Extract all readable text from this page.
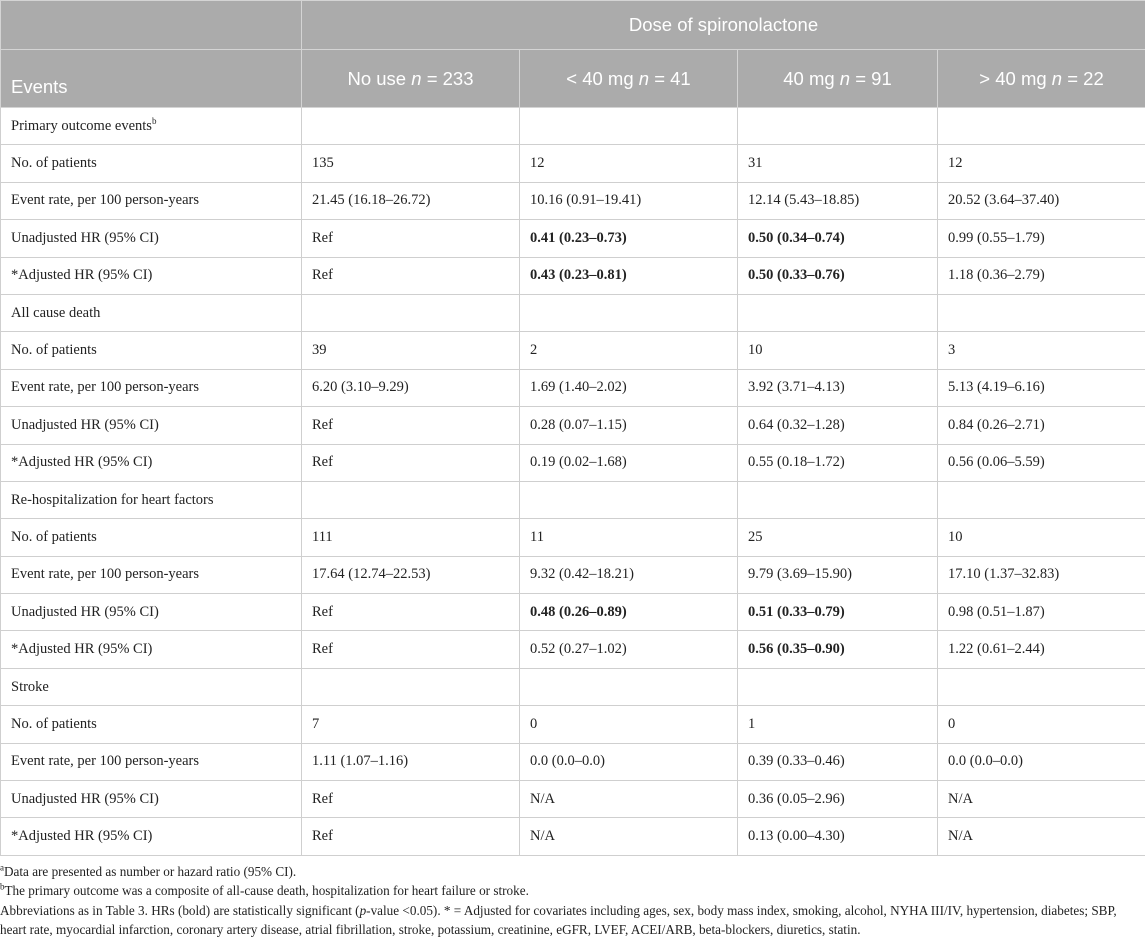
	Dose of spironolactone			
Events	No use n = 233	< 40 mg n = 41	40 mg n = 91	> 40 mg n = 22
Primary outcome events$^b$				
No. of patients	135	12	31	12
Event rate, per 100 person-years	21.45 (16.18–26.72)	10.16 (0.91–19.41)	12.14 (5.43–18.85)	20.52 (3.64–37.40)
Unadjusted HR (95% CI)	Ref	0.41 (0.23–0.73)	0.50 (0.34–0.74)	0.99 (0.55–1.79)
*Adjusted HR (95% CI)	Ref	0.43 (0.23–0.81)	0.50 (0.33–0.76)	1.18 (0.36–2.79)
All cause death				
No. of patients	39	2	10	3
Event rate, per 100 person-years	6.20 (3.10–9.29)	1.69 (1.40–2.02)	3.92 (3.71–4.13)	5.13 (4.19–6.16)
Unadjusted HR (95% CI)	Ref	0.28 (0.07–1.15)	0.64 (0.32–1.28)	0.84 (0.26–2.71)
*Adjusted HR (95% CI)	Ref	0.19 (0.02–1.68)	0.55 (0.18–1.72)	0.56 (0.06–5.59)
Re-hospitalization for heart factors				
No. of patients	111	11	25	10
Event rate, per 100 person-years	17.64 (12.74–22.53)	9.32 (0.42–18.21)	9.79 (3.69–15.90)	17.10 (1.37–32.83)
Unadjusted HR (95% CI)	Ref	0.48 (0.26–0.89)	0.51 (0.33–0.79)	0.98 (0.51–1.87)
*Adjusted HR (95% CI)	Ref	0.52 (0.27–1.02)	0.56 (0.35–0.90)	1.22 (0.61–2.44)
Stroke				
No. of patients	7	0	1	0
Event rate, per 100 person-years	1.11 (1.07–1.16)	0.0 (0.0–0.0)	0.39 (0.33–0.46)	0.0 (0.0–0.0)
Unadjusted HR (95% CI)	Ref	N/A	0.36 (0.05–2.96)	N/A
*Adjusted HR (95% CI)	Ref	N/A	0.13 (0.00–4.30)	N/A

$^a$Data are presented as number or hazard ratio (95% CI).

$^b$The primary outcome was a composite of all-cause death, hospitalization for heart failure or stroke.

Abbreviations as in Table 3. HRs (bold) are statistically significant (p-value <0.05). * = Adjusted for covariates including ages, sex, body mass index, smoking, alcohol, NYHA III/IV, hypertension, diabetes; SBP, heart rate, myocardial infarction, coronary artery disease, atrial fibrillation, stroke, potassium, creatinine, eGFR, LVEF, ACEI/ARB, beta-blockers, diuretics, statin.
